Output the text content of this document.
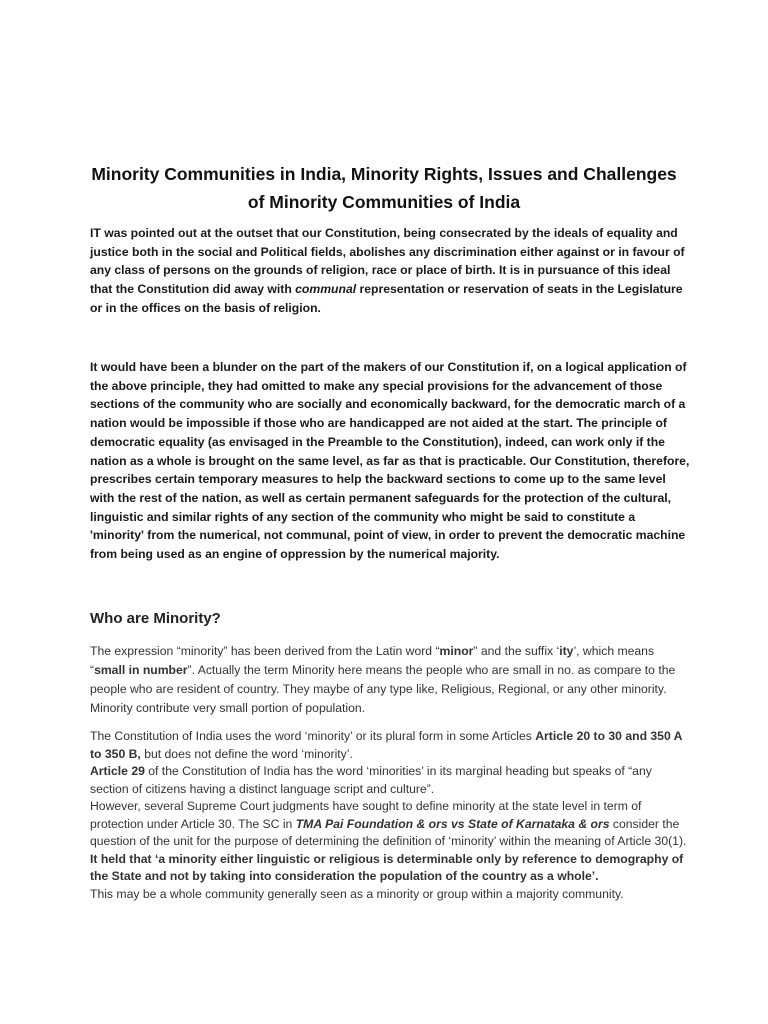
Minority Communities in India, Minority Rights, Issues and Challenges
of Minority Communities of India
IT was pointed out at the outset that our Constitution, being consecrated by the ideals of equality and justice both in the social and Political fields, abolishes any discrimination either against or in favour of any class of persons on the grounds of religion, race or place of birth. It is in pursuance of this ideal that the Constitution did away with communal representation or reservation of seats in the Legislature or in the offices on the basis of religion.
It would have been a blunder on the part of the makers of our Constitution if, on a logical application of the above principle, they had omitted to make any special provisions for the advancement of those sections of the community who are socially and economically backward, for the democratic march of a nation would be impossible if those who are handicapped are not aided at the start. The principle of democratic equality (as envisaged in the Preamble to the Constitution), indeed, can work only if the nation as a whole is brought on the same level, as far as that is practicable. Our Constitution, therefore, prescribes certain temporary measures to help the backward sections to come up to the same level with the rest of the nation, as well as certain permanent safeguards for the protection of the cultural, linguistic and similar rights of any section of the community who might be said to constitute a 'minority' from the numerical, not communal, point of view, in order to prevent the democratic machine from being used as an engine of oppression by the numerical majority.
Who are Minority?
The expression “minority” has been derived from the Latin word “minor” and the suffix ‘ity’, which means “small in number”. Actually the term Minority here means the people who are small in no. as compare to the people who are resident of country. They maybe of any type like, Religious, Regional, or any other minority. Minority contribute very small portion of population.
The Constitution of India uses the word ‘minority’ or its plural form in some Articles Article 20 to 30 and 350 A to 350 B, but does not define the word ‘minority’.
Article 29 of the Constitution of India has the word ‘minorities’ in its marginal heading but speaks of “any section of citizens having a distinct language script and culture”.
However, several Supreme Court judgments have sought to define minority at the state level in term of protection under Article 30. The SC in TMA Pai Foundation & ors vs State of Karnataka & ors consider the question of the unit for the purpose of determining the definition of ‘minority’ within the meaning of Article 30(1). It held that ‘a minority either linguistic or religious is determinable only by reference to demography of the State and not by taking into consideration the population of the country as a whole’.
This may be a whole community generally seen as a minority or group within a majority community.
